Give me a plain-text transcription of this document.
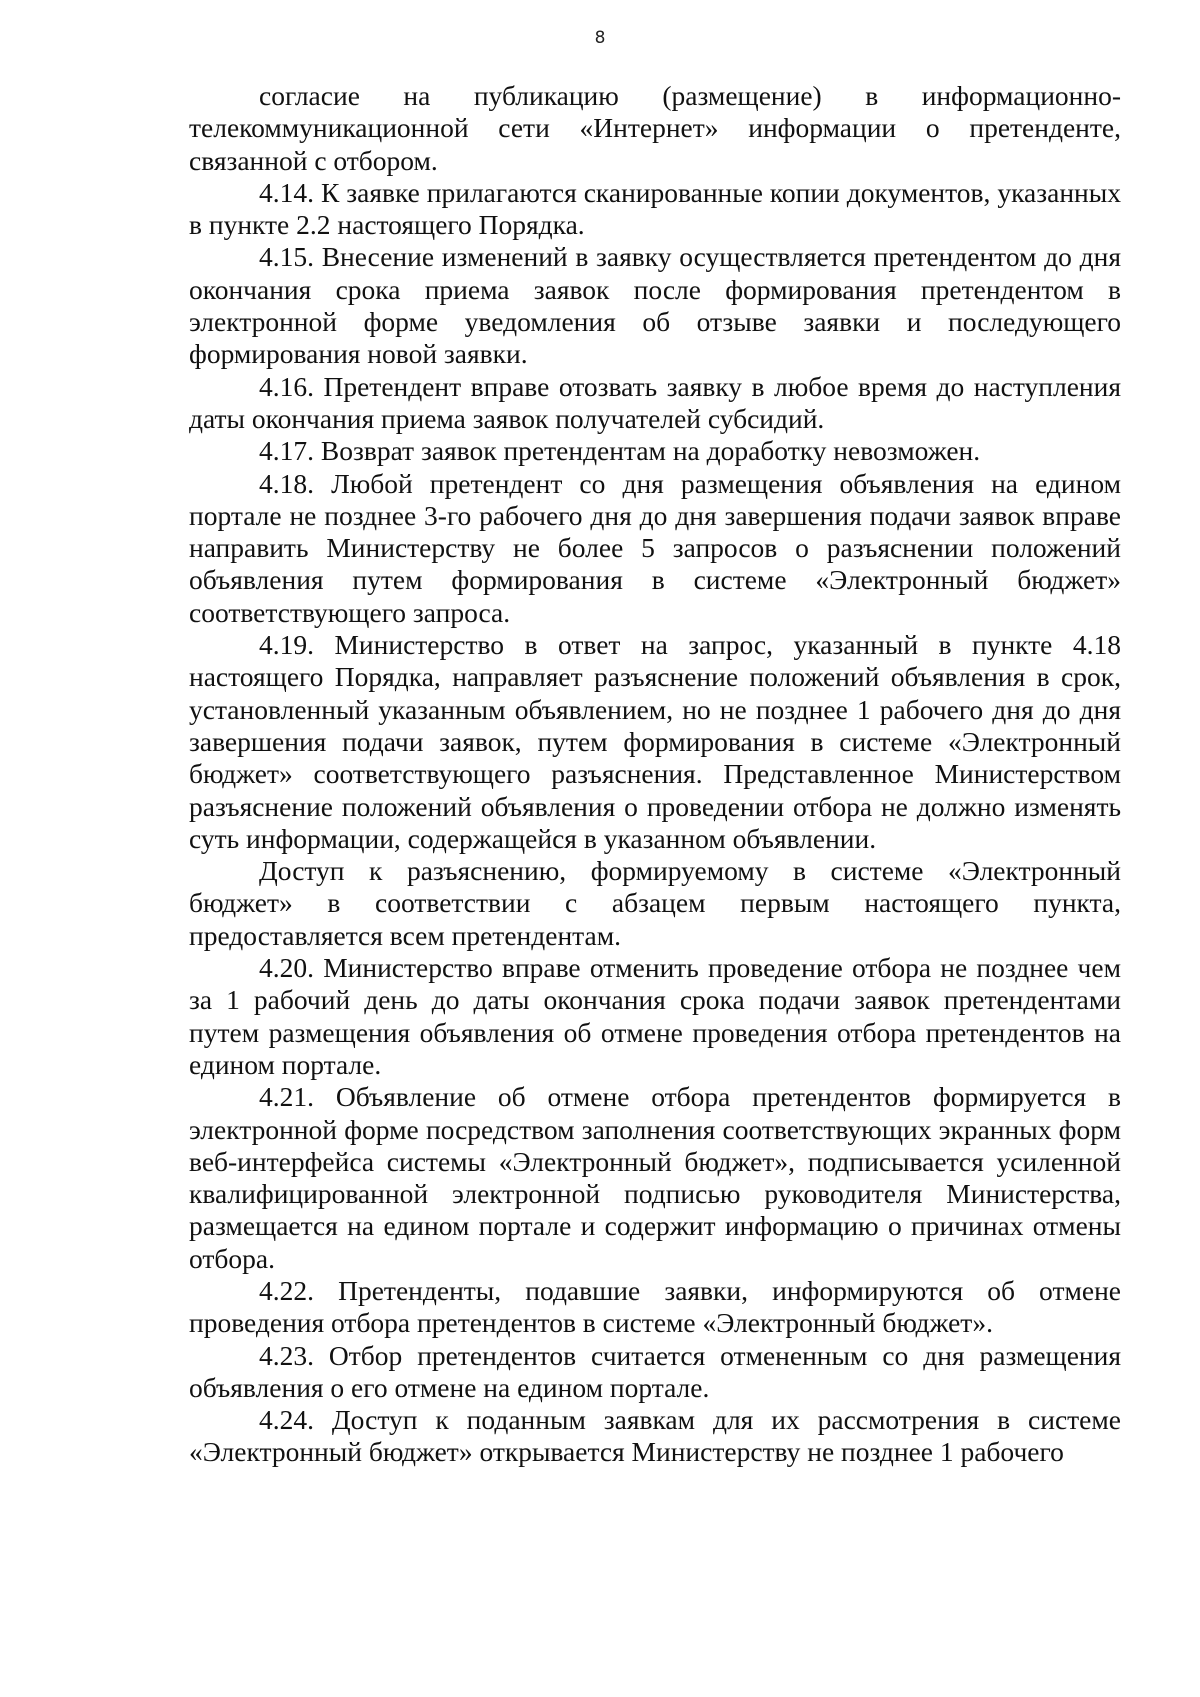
8

согласие на публикацию (размещение) в информационно-телекоммуникационной сети «Интернет» информации о претенденте, связанной с отбором.

4.14. К заявке прилагаются сканированные копии документов, указанных в пункте 2.2 настоящего Порядка.

4.15. Внесение изменений в заявку осуществляется претендентом до дня окончания срока приема заявок после формирования претендентом в электронной форме уведомления об отзыве заявки и последующего формирования новой заявки.

4.16. Претендент вправе отозвать заявку в любое время до наступления даты окончания приема заявок получателей субсидий.

4.17. Возврат заявок претендентам на доработку невозможен.

4.18. Любой претендент со дня размещения объявления на едином портале не позднее 3-го рабочего дня до дня завершения подачи заявок вправе направить Министерству не более 5 запросов о разъяснении положений объявления путем формирования в системе «Электронный бюджет» соответствующего запроса.

4.19. Министерство в ответ на запрос, указанный в пункте 4.18 настоящего Порядка, направляет разъяснение положений объявления в срок, установленный указанным объявлением, но не позднее 1 рабочего дня до дня завершения подачи заявок, путем формирования в системе «Электронный бюджет» соответствующего разъяснения. Представленное Министерством разъяснение положений объявления о проведении отбора не должно изменять суть информации, содержащейся в указанном объявлении.

Доступ к разъяснению, формируемому в системе «Электронный бюджет» в соответствии с абзацем первым настоящего пункта, предоставляется всем претендентам.

4.20. Министерство вправе отменить проведение отбора не позднее чем за 1 рабочий день до даты окончания срока подачи заявок претендентами путем размещения объявления об отмене проведения отбора претендентов на едином портале.

4.21. Объявление об отмене отбора претендентов формируется в электронной форме посредством заполнения соответствующих экранных форм веб-интерфейса системы «Электронный бюджет», подписывается усиленной квалифицированной электронной подписью руководителя Министерства, размещается на едином портале и содержит информацию о причинах отмены отбора.

4.22. Претенденты, подавшие заявки, информируются об отмене проведения отбора претендентов в системе «Электронный бюджет».

4.23. Отбор претендентов считается отмененным со дня размещения объявления о его отмене на едином портале.

4.24. Доступ к поданным заявкам для их рассмотрения в системе «Электронный бюджет» открывается Министерству не позднее 1 рабочего
